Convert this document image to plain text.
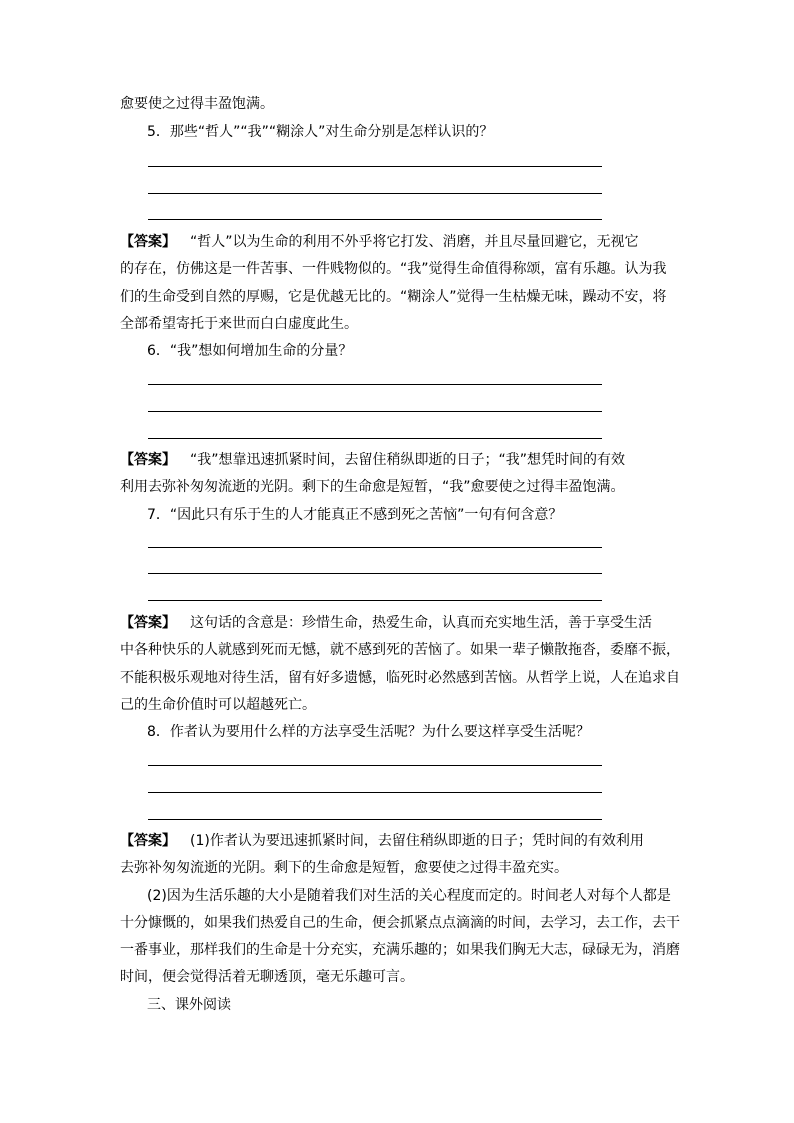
愈要使之过得丰盈饱满。
5．那些“哲人”“我”“糊涂人”对生命分别是怎样认识的？
【答案】 “哲人”以为生命的利用不外乎将它打发、消磨，并且尽量回避它，无视它
的存在，仿佛这是一件苦事、一件贱物似的。“我”觉得生命值得称颂，富有乐趣。认为我
们的生命受到自然的厚赐，它是优越无比的。“糊涂人”觉得一生枯燥无味，躁动不安，将
全部希望寄托于来世而白白虚度此生。
6．“我”想如何增加生命的分量？
【答案】 “我”想靠迅速抓紧时间，去留住稍纵即逝的日子；“我”想凭时间的有效
利用去弥补匆匆流逝的光阴。剩下的生命愈是短暂，“我”愈要使之过得丰盈饱满。
7．“因此只有乐于生的人才能真正不感到死之苦恼”一句有何含意？
【答案】 这句话的含意是：珍惜生命，热爱生命，认真而充实地生活，善于享受生活
中各种快乐的人就感到死而无憾，就不感到死的苦恼了。如果一辈子懒散拖沓，委靡不振，
不能积极乐观地对待生活，留有好多遗憾，临死时必然感到苦恼。从哲学上说，人在追求自
己的生命价值时可以超越死亡。
8．作者认为要用什么样的方法享受生活呢？为什么要这样享受生活呢？
【答案】 (1)作者认为要迅速抓紧时间，去留住稍纵即逝的日子；凭时间的有效利用
去弥补匆匆流逝的光阴。剩下的生命愈是短暂，愈要使之过得丰盈充实。
(2)因为生活乐趣的大小是随着我们对生活的关心程度而定的。时间老人对每个人都是
十分慷慨的，如果我们热爱自己的生命，便会抓紧点点滴滴的时间，去学习，去工作，去干
一番事业，那样我们的生命是十分充实，充满乐趣的；如果我们胸无大志，碌碌无为，消磨
时间，便会觉得活着无聊透顶，毫无乐趣可言。
三、课外阅读
